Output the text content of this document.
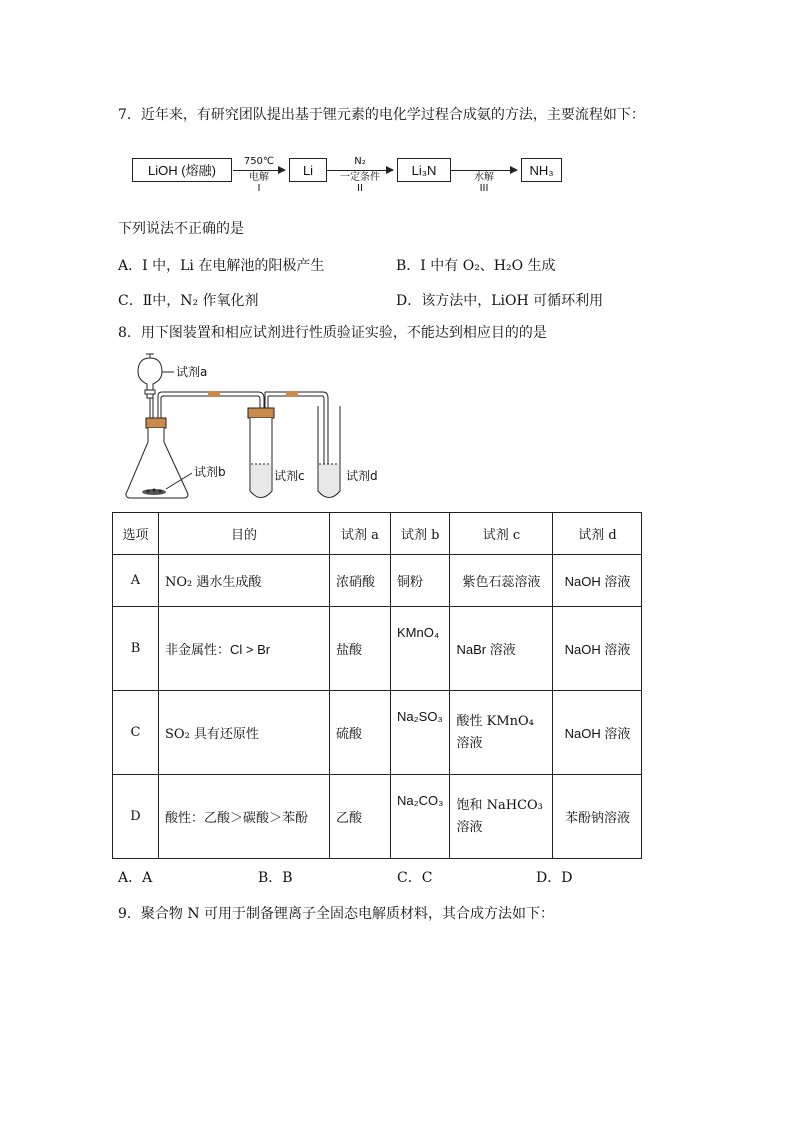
7．近年来，有研究团队提出基于锂元素的电化学过程合成氨的方法，主要流程如下：
LiOH (熔融)
750℃
电解
I
Li
N₂
一定条件
II
Li₃N	水解
III
NH₃
下列说法不正确的是
A．I 中，Li 在电解池的阳极产生	B．I 中有 O₂、H₂O 生成
C．Ⅱ中，N₂ 作氧化剂	D．该方法中，LiOH 可循环利用
8．用下图装置和相应试剂进行性质验证实验，不能达到相应目的的是
试剂a
试剂b	试剂c	试剂d
选项	目的	试剂 a	试剂 b	试剂 c	试剂 d
A	NO₂ 遇水生成酸	浓硝酸	铜粉	紫色石蕊溶液	NaOH 溶液
B	非金属性：Cl > Br	盐酸	KMnO₄	NaBr 溶液	NaOH 溶液
C	SO₂ 具有还原性	硫酸	Na₂SO₃	酸性 KMnO₄ 溶液	NaOH 溶液
D	酸性：乙酸＞碳酸＞苯酚	乙酸	Na₂CO₃	饱和 NaHCO₃ 溶液	苯酚钠溶液
A．A	B．B	C．C	D．D
9．聚合物 N 可用于制备锂离子全固态电解质材料，其合成方法如下：
